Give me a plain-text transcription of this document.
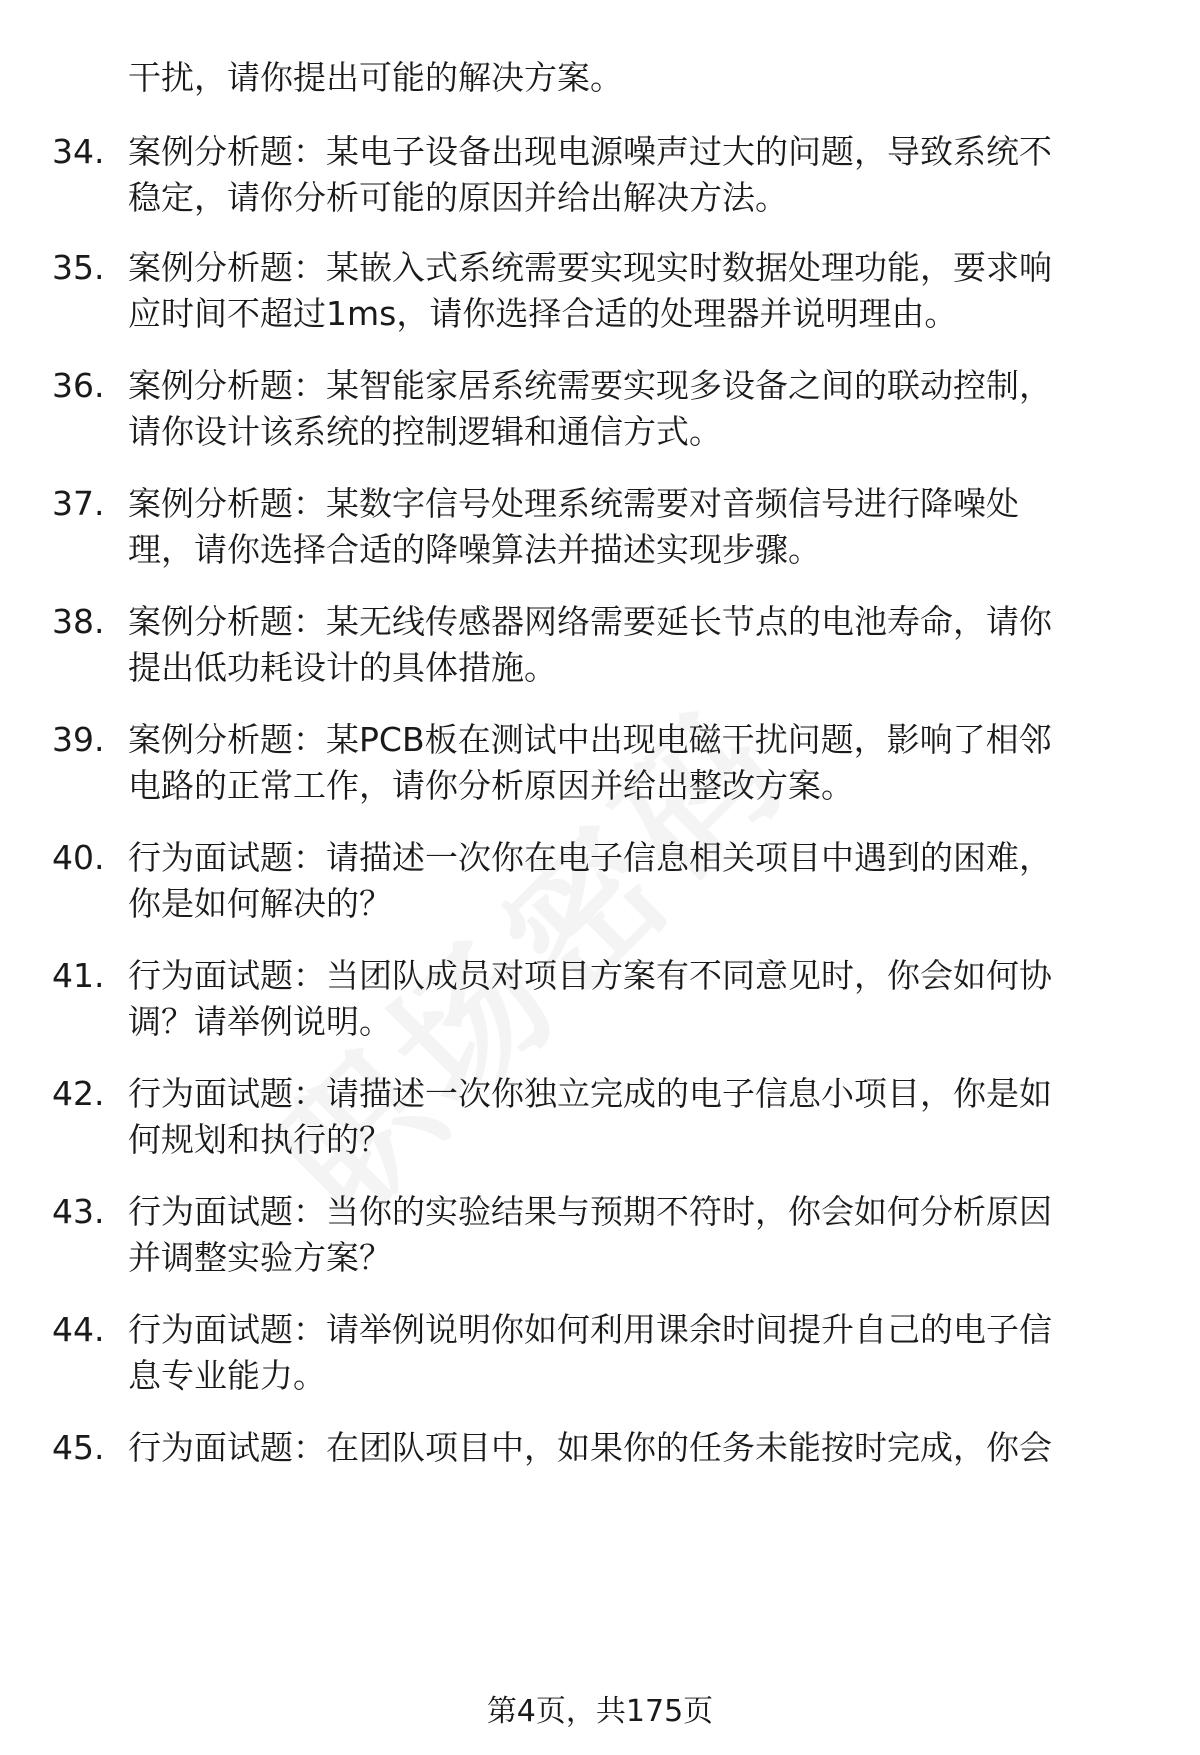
干扰，请你提出可能的解决方案。
34. 案例分析题：某电子设备出现电源噪声过大的问题，导致系统不
稳定，请你分析可能的原因并给出解决方法。
35. 案例分析题：某嵌入式系统需要实现实时数据处理功能，要求响
应时间不超过1ms，请你选择合适的处理器并说明理由。
36. 案例分析题：某智能家居系统需要实现多设备之间的联动控制，
请你设计该系统的控制逻辑和通信方式。
37. 案例分析题：某数字信号处理系统需要对音频信号进行降噪处
理，请你选择合适的降噪算法并描述实现步骤。
38. 案例分析题：某无线传感器网络需要延长节点的电池寿命，请你
提出低功耗设计的具体措施。
39. 案例分析题：某PCB板在测试中出现电磁干扰问题，影响了相邻
电路的正常工作，请你分析原因并给出整改方案。
40. 行为面试题：请描述一次你在电子信息相关项目中遇到的困难，
你是如何解决的？
41. 行为面试题：当团队成员对项目方案有不同意见时，你会如何协
调？请举例说明。
42. 行为面试题：请描述一次你独立完成的电子信息小项目，你是如
何规划和执行的？
43. 行为面试题：当你的实验结果与预期不符时，你会如何分析原因
并调整实验方案？
44. 行为面试题：请举例说明你如何利用课余时间提升自己的电子信
息专业能力。
45. 行为面试题：在团队项目中，如果你的任务未能按时完成，你会
第4页，共175页
